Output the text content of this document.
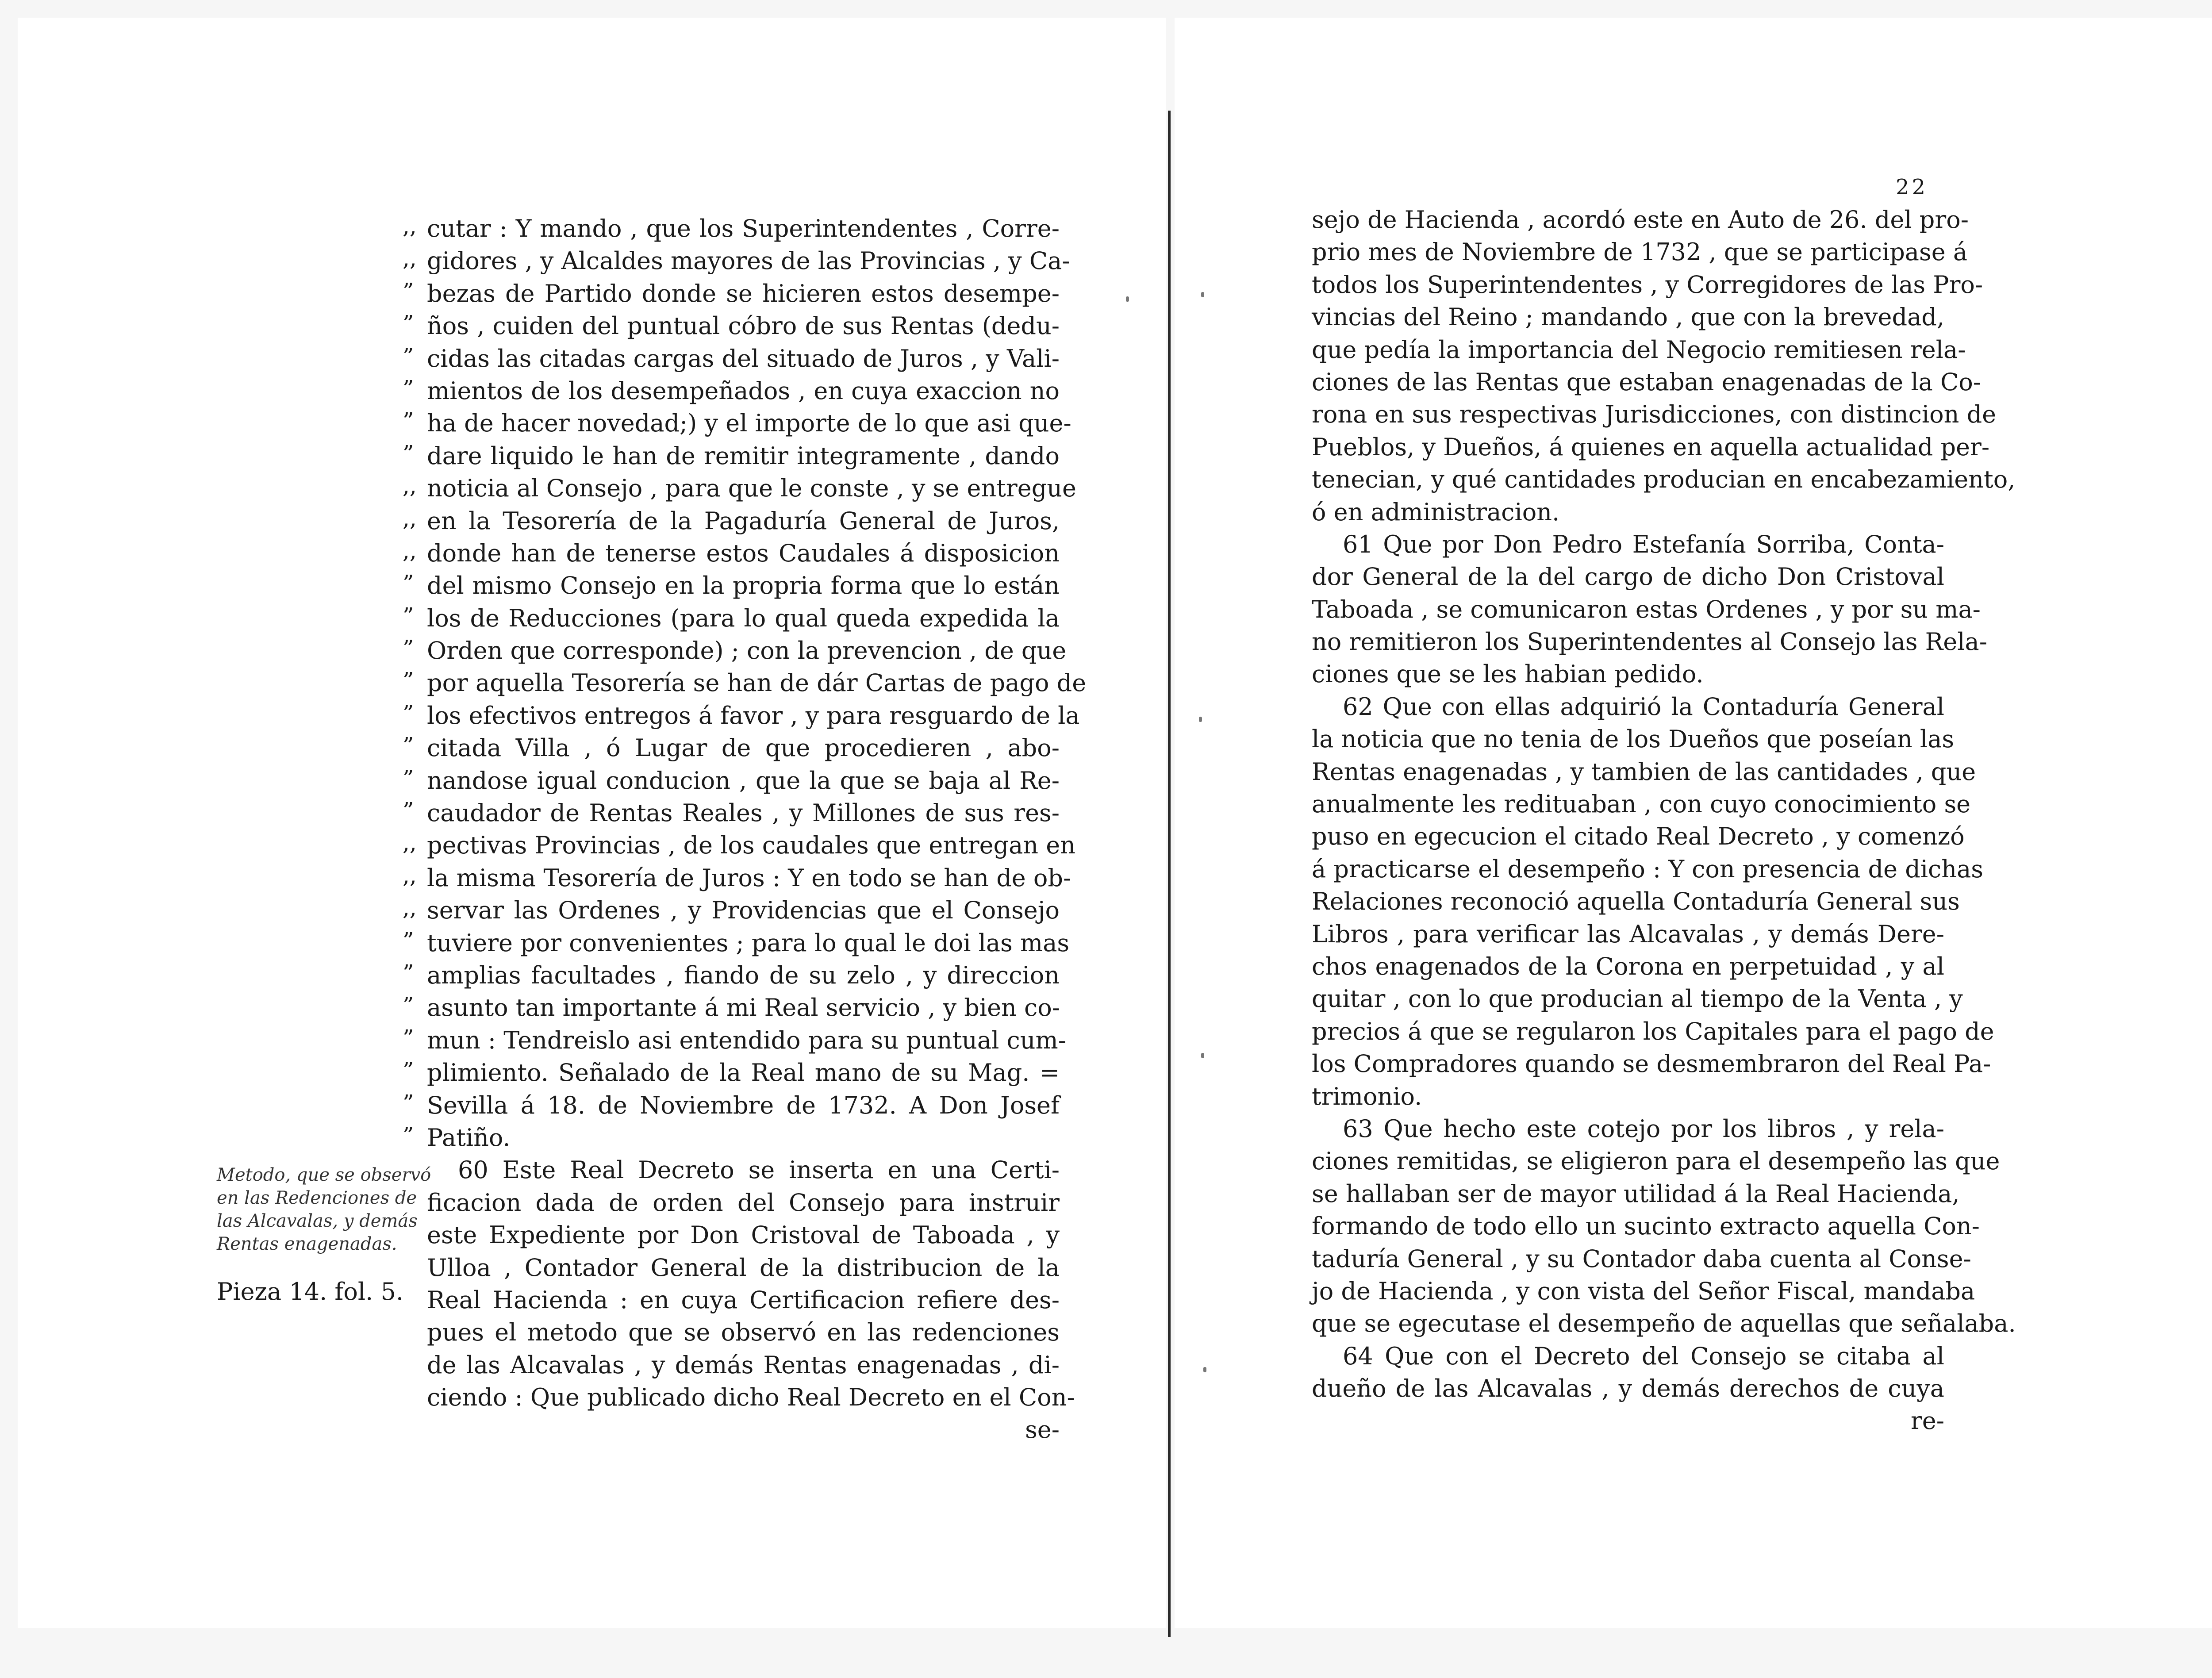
Metodo, que se observó en las Redenciones de las Alcavalas, y demás Rentas enagenadas.
Pieza 14. fol. 5.
,, cutar : Y mando , que los Superintendentes , Corre-
,, gidores , y Alcaldes mayores de las Provincias , y Ca-
” bezas de Partido donde se hicieren estos desempe-
” ños , cuiden del puntual cóbro de sus Rentas (dedu-
” cidas las citadas cargas del situado de Juros , y Vali-
” mientos de los desempeñados , en cuya exaccion no
” ha de hacer novedad;) y el importe de lo que asi que-
” dare liquido le han de remitir integramente , dando
,, noticia al Consejo , para que le conste , y se entregue
,, en la Tesorería de la Pagaduría General de Juros,
,, donde han de tenerse estos Caudales á disposicion
” del mismo Consejo en la propria forma que lo están
” los de Reducciones (para lo qual queda expedida la
” Orden que corresponde) ; con la prevencion , de que
” por aquella Tesorería se han de dár Cartas de pago de
” los efectivos entregos á favor , y para resguardo de la
” citada Villa , ó Lugar de que procedieren , abo-
” nandose igual conducion , que la que se baja al Re-
” caudador de Rentas Reales , y Millones de sus res-
,, pectivas Provincias , de los caudales que entregan en
,, la misma Tesorería de Juros : Y en todo se han de ob-
,, servar las Ordenes , y Providencias que el Consejo
” tuviere por convenientes ; para lo qual le doi las mas
” amplias facultades , fiando de su zelo , y direccion
” asunto tan importante á mi Real servicio , y bien co-
” mun : Tendreislo asi entendido para su puntual cum-
” plimiento. Señalado de la Real mano de su Mag. =
” Sevilla á 18. de Noviembre de 1732. A Don Josef
” Patiño.
60 Este Real Decreto se inserta en una Certi-
ficacion dada de orden del Consejo para instruir
este Expediente por Don Cristoval de Taboada , y
Ulloa , Contador General de la distribucion de la
Real Hacienda : en cuya Certificacion refiere des-
pues el metodo que se observó en las redenciones
de las Alcavalas , y demás Rentas enagenadas , di-
ciendo : Que publicado dicho Real Decreto en el Con-
se-
22
sejo de Hacienda , acordó este en Auto de 26. del pro-
prio mes de Noviembre de 1732 , que se participase á
todos los Superintendentes , y Corregidores de las Pro-
vincias del Reino ; mandando , que con la brevedad,
que pedía la importancia del Negocio remitiesen rela-
ciones de las Rentas que estaban enagenadas de la Co-
rona en sus respectivas Jurisdicciones, con distincion de
Pueblos, y Dueños, á quienes en aquella actualidad per-
tenecian, y qué cantidades producian en encabezamiento,
ó en administracion.
61 Que por Don Pedro Estefanía Sorriba, Conta-
dor General de la del cargo de dicho Don Cristoval
Taboada , se comunicaron estas Ordenes , y por su ma-
no remitieron los Superintendentes al Consejo las Rela-
ciones que se les habian pedido.
62 Que con ellas adquirió la Contaduría General
la noticia que no tenia de los Dueños que poseían las
Rentas enagenadas , y tambien de las cantidades , que
anualmente les redituaban , con cuyo conocimiento se
puso en egecucion el citado Real Decreto , y comenzó
á practicarse el desempeño : Y con presencia de dichas
Relaciones reconoció aquella Contaduría General sus
Libros , para verificar las Alcavalas , y demás Dere-
chos enagenados de la Corona en perpetuidad , y al
quitar , con lo que producian al tiempo de la Venta , y
precios á que se regularon los Capitales para el pago de
los Compradores quando se desmembraron del Real Pa-
trimonio.
63 Que hecho este cotejo por los libros , y rela-
ciones remitidas, se eligieron para el desempeño las que
se hallaban ser de mayor utilidad á la Real Hacienda,
formando de todo ello un sucinto extracto aquella Con-
taduría General , y su Contador daba cuenta al Conse-
jo de Hacienda , y con vista del Señor Fiscal, mandaba
que se egecutase el desempeño de aquellas que señalaba.
64 Que con el Decreto del Consejo se citaba al
dueño de las Alcavalas , y demás derechos de cuya
re-
